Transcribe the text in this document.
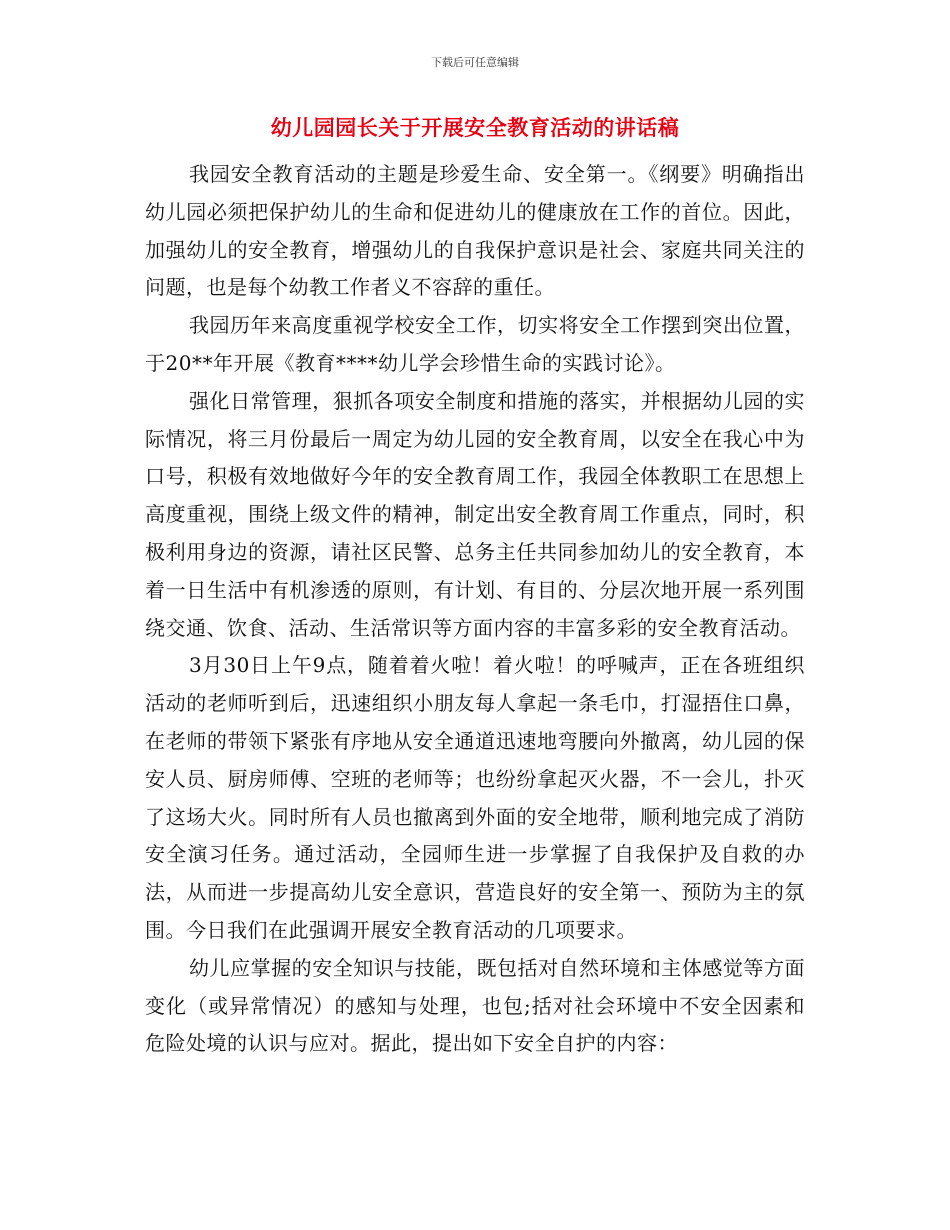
下载后可任意编辑
幼儿园园长关于开展安全教育活动的讲话稿

我园安全教育活动的主题是珍爱生命、安全第一。《纲要》明确指出幼儿园必须把保护幼儿的生命和促进幼儿的健康放在工作的首位。因此，加强幼儿的安全教育，增强幼儿的自我保护意识是社会、家庭共同关注的问题，也是每个幼教工作者义不容辞的重任。

我园历年来高度重视学校安全工作，切实将安全工作摆到突出位置，于20**年开展《教育****幼儿学会珍惜生命的实践讨论》。

强化日常管理，狠抓各项安全制度和措施的落实，并根据幼儿园的实际情况，将三月份最后一周定为幼儿园的安全教育周，以安全在我心中为口号，积极有效地做好今年的安全教育周工作，我园全体教职工在思想上高度重视，围绕上级文件的精神，制定出安全教育周工作重点，同时，积极利用身边的资源，请社区民警、总务主任共同参加幼儿的安全教育，本着一日生活中有机渗透的原则，有计划、有目的、分层次地开展一系列围绕交通、饮食、活动、生活常识等方面内容的丰富多彩的安全教育活动。

3月30日上午9点，随着着火啦！着火啦！的呼喊声，正在各班组织活动的老师听到后，迅速组织小朋友每人拿起一条毛巾，打湿捂住口鼻，在老师的带领下紧张有序地从安全通道迅速地弯腰向外撤离，幼儿园的保安人员、厨房师傅、空班的老师等；也纷纷拿起灭火器，不一会儿，扑灭了这场大火。同时所有人员也撤离到外面的安全地带，顺利地完成了消防安全演习任务。通过活动，全园师生进一步掌握了自我保护及自救的办法，从而进一步提高幼儿安全意识，营造良好的安全第一、预防为主的氛围。今日我们在此强调开展安全教育活动的几项要求。

幼儿应掌握的安全知识与技能，既包括对自然环境和主体感觉等方面变化（或异常情况）的感知与处理，也包;括对社会环境中不安全因素和危险处境的认识与应对。据此，提出如下安全自护的内容：
